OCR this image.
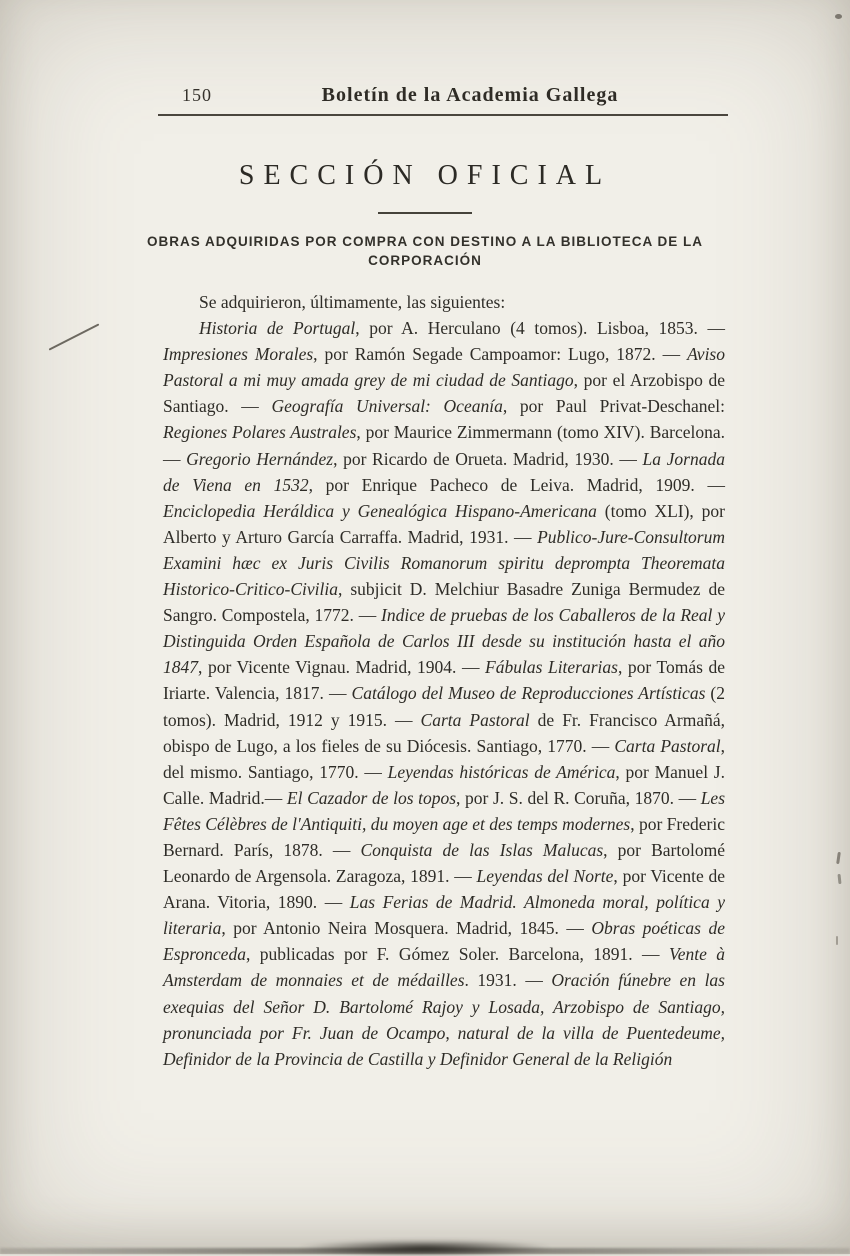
150	Boletín de la Academia Gallega
SECCIÓN OFICIAL
OBRAS ADQUIRIDAS POR COMPRA CON DESTINO A LA BIBLIOTECA DE LA CORPORACIÓN

Se adquirieron, últimamente, las siguientes:

Historia de Portugal, por A. Herculano (4 tomos). Lisboa, 1853. — Impresiones Morales, por Ramón Segade Campoamor: Lugo, 1872. — Aviso Pastoral a mi muy amada grey de mi ciudad de Santiago, por el Arzobispo de Santiago. — Geografía Universal: Oceanía, por Paul Privat-Deschanel: Regiones Polares Australes, por Maurice Zimmermann (tomo XIV). Barcelona. — Gregorio Hernández, por Ricardo de Orueta. Madrid, 1930. — La Jornada de Viena en 1532, por Enrique Pacheco de Leiva. Madrid, 1909. — Enciclopedia Heráldica y Genealógica Hispano-Americana (tomo XLI), por Alberto y Arturo García Carraffa. Madrid, 1931. — Publico-Jure-Consultorum Examini hæc ex Juris Civilis Romanorum spiritu deprompta Theoremata Historico-Critico-Civilia, subjicit D. Melchiur Basadre Zuniga Bermudez de Sangro. Compostela, 1772. — Indice de pruebas de los Caballeros de la Real y Distinguida Orden Española de Carlos III desde su institución hasta el año 1847, por Vicente Vignau. Madrid, 1904. — Fábulas Literarias, por Tomás de Iriarte. Valencia, 1817. — Catálogo del Museo de Reproducciones Artísticas (2 tomos). Madrid, 1912 y 1915. — Carta Pastoral de Fr. Francisco Armañá, obispo de Lugo, a los fieles de su Diócesis. Santiago, 1770. — Carta Pastoral, del mismo. Santiago, 1770. — Leyendas históricas de América, por Manuel J. Calle. Madrid.— El Cazador de los topos, por J. S. del R. Coruña, 1870. — Les Fêtes Célèbres de l'Antiquiti, du moyen age et des temps modernes, por Frederic Bernard. París, 1878. — Conquista de las Islas Malucas, por Bartolomé Leonardo de Argensola. Zaragoza, 1891. — Leyendas del Norte, por Vicente de Arana. Vitoria, 1890. — Las Ferias de Madrid. Almoneda moral, política y literaria, por Antonio Neira Mosquera. Madrid, 1845. — Obras poéticas de Espronceda, publicadas por F. Gómez Soler. Barcelona, 1891. — Vente à Amsterdam de monnaies et de médailles. 1931. — Oración fúnebre en las exequias del Señor D. Bartolomé Rajoy y Losada, Arzobispo de Santiago, pronunciada por Fr. Juan de Ocampo, natural de la villa de Puentedeume, Definidor de la Provincia de Castilla y Definidor General de la Religión
